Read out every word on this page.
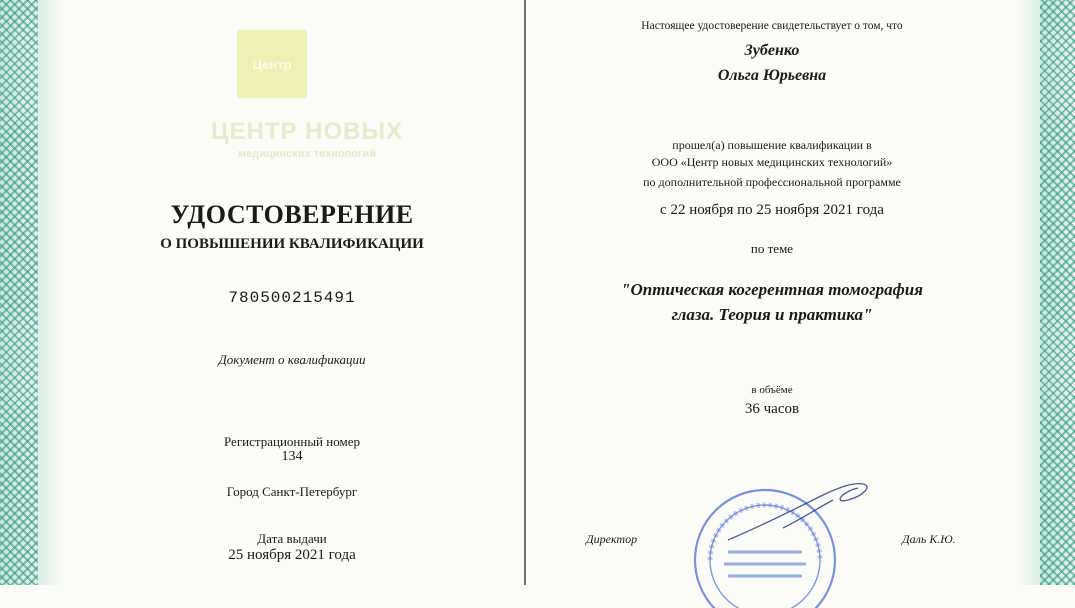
Центр
ЦЕНТР НОВЫХ
медицинских технологий
УДОСТОВЕРЕНИЕ
О ПОВЫШЕНИИ КВАЛИФИКАЦИИ
780500215491
Документ о квалификации
Регистрационный номер
134
Город Санкт-Петербург
Дата выдачи
25 ноября 2021 года
Настоящее удостоверение свидетельствует о том, что
Зубенко
Ольга Юрьевна
прошел(а) повышение квалификации в
ООО «Центр новых медицинских технологий»
по дополнительной профессиональной программе
с 22 ноября по 25 ноября 2021 года
по теме
"Оптическая когерентная томография
глаза. Теория и практика"
в объёме
36 часов
Директор	Даль К.Ю.
